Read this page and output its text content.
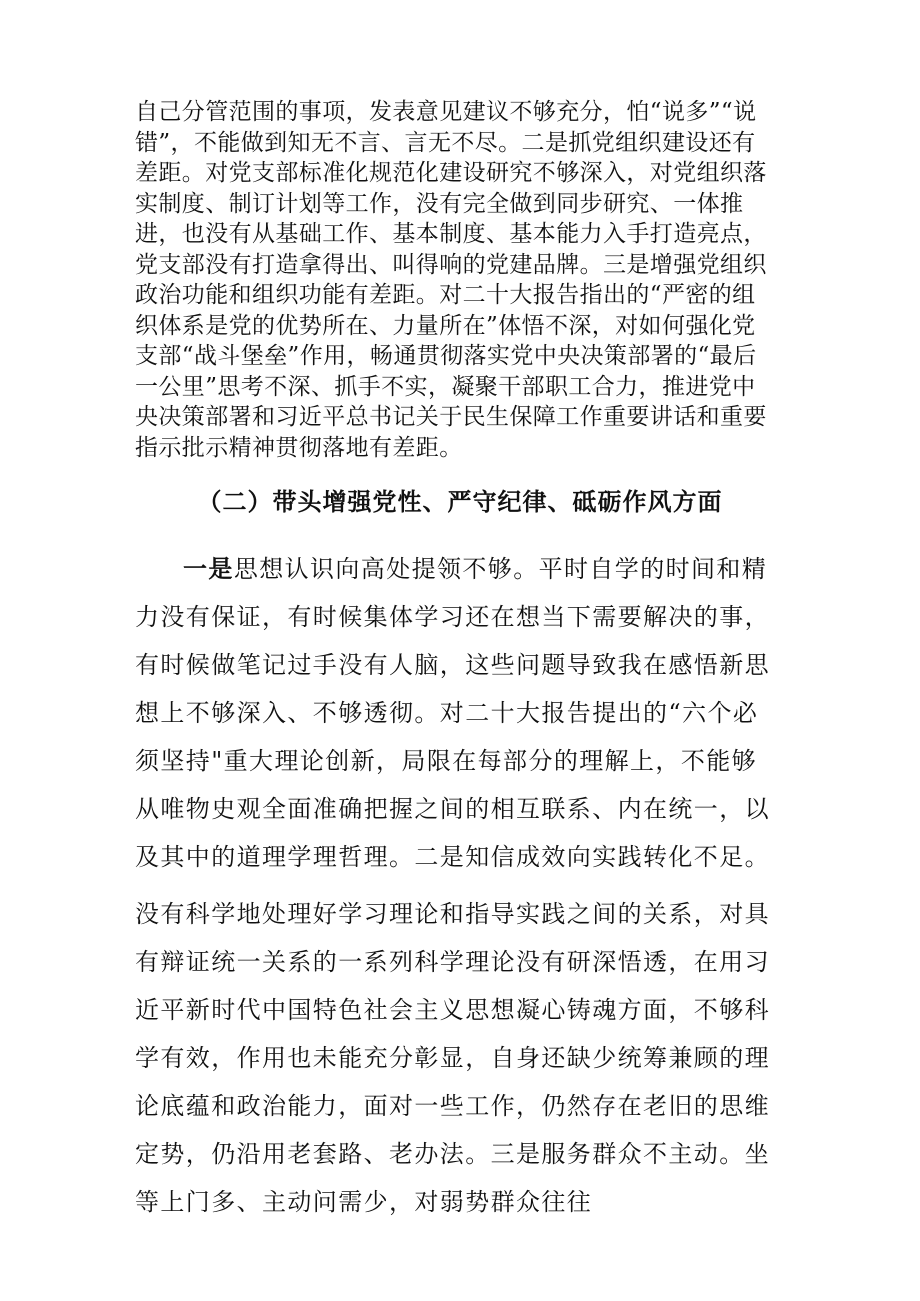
自己分管范围的事项，发表意见建议不够充分，怕“说多”“说错”，不能做到知无不言、言无不尽。二是抓党组织建设还有差距。对党支部标准化规范化建设研究不够深入，对党组织落实制度、制订计划等工作，没有完全做到同步研究、一体推进，也没有从基础工作、基本制度、基本能力入手打造亮点，党支部没有打造拿得出、叫得响的党建品牌。三是增强党组织政治功能和组织功能有差距。对二十大报告指出的“严密的组织体系是党的优势所在、力量所在”体悟不深，对如何强化党支部“战斗堡垒”作用，畅通贯彻落实党中央决策部署的“最后一公里”思考不深、抓手不实，凝聚干部职工合力，推进党中央决策部署和习近平总书记关于民生保障工作重要讲话和重要指示批示精神贯彻落地有差距。

（二）带头增强党性、严守纪律、砥砺作风方面

一是思想认识向高处提领不够。平时自学的时间和精力没有保证，有时候集体学习还在想当下需要解决的事，有时候做笔记过手没有人脑，这些问题导致我在感悟新思想上不够深入、不够透彻。对二十大报告提出的“六个必须坚持"重大理论创新，局限在每部分的理解上，不能够从唯物史观全面准确把握之间的相互联系、内在统一，以及其中的道理学理哲理。二是知信成效向实践转化不足。

没有科学地处理好学习理论和指导实践之间的关系，对具有辩证统一关系的一系列科学理论没有研深悟透，在用习近平新时代中国特色社会主义思想凝心铸魂方面，不够科学有效，作用也未能充分彰显，自身还缺少统筹兼顾的理论底蕴和政治能力，面对一些工作，仍然存在老旧的思维定势，仍沿用老套路、老办法。三是服务群众不主动。坐等上门多、主动问需少，对弱势群众往往
